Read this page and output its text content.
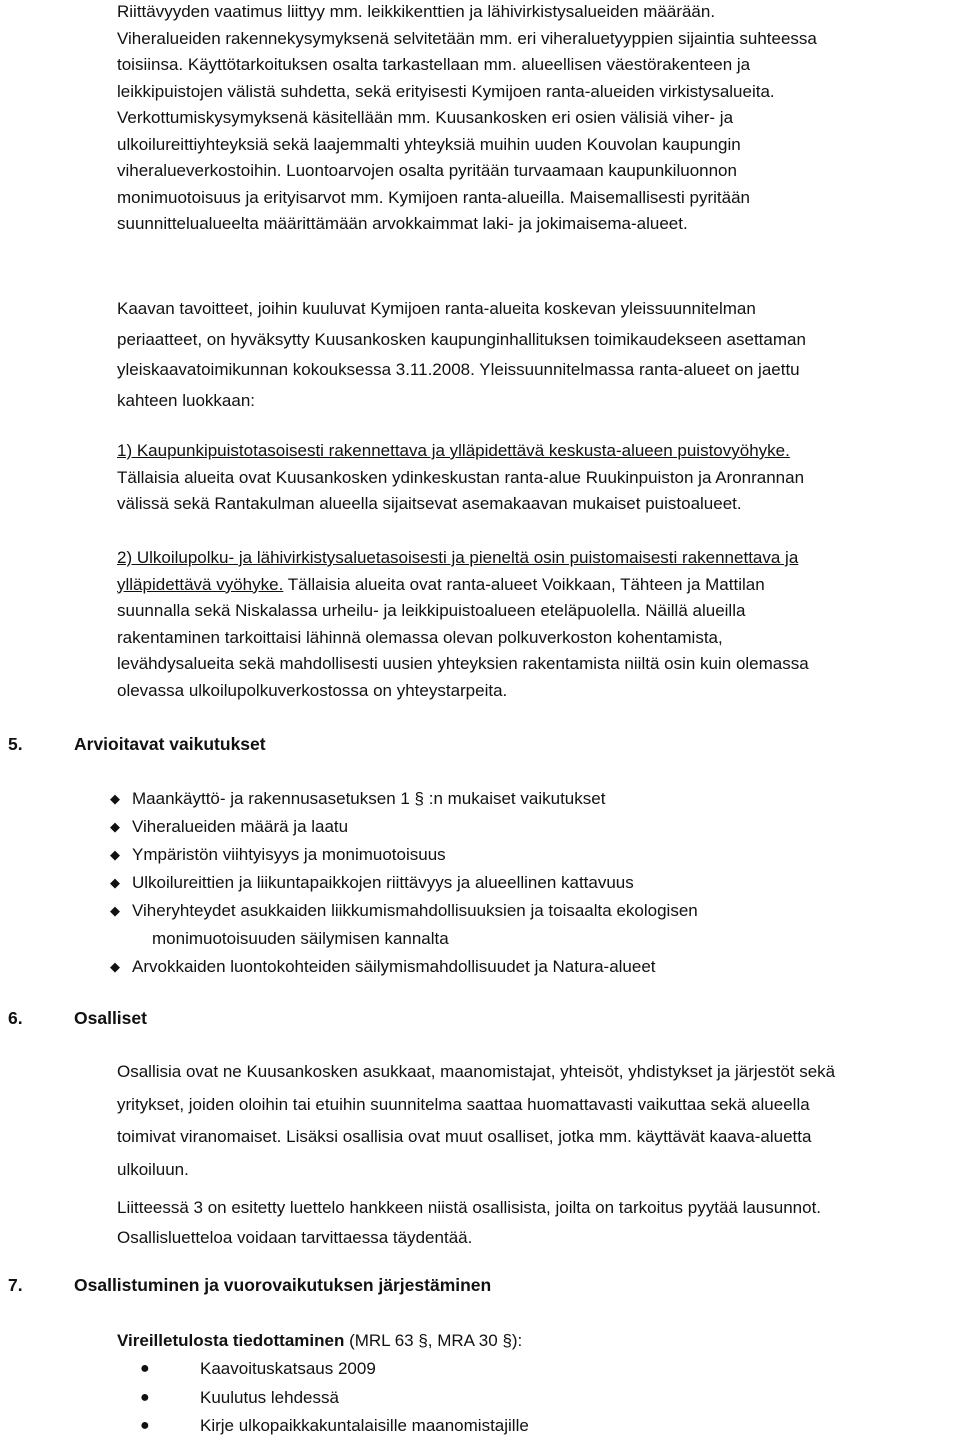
Riittävyyden vaatimus liittyy mm. leikkikenttien ja lähivirkistysalueiden määrään.

Viheralueiden rakennekysymyksenä selvitetään mm. eri viheraluetyyppien sijaintia suhteessa

toisiinsa. Käyttötarkoituksen osalta tarkastellaan mm. alueellisen väestörakenteen ja

leikkipuistojen välistä suhdetta, sekä erityisesti Kymijoen ranta-alueiden virkistysalueita.

Verkottumiskysymyksenä käsitellään mm. Kuusankosken eri osien välisiä viher- ja

ulkoilureittiyhteyksiä sekä laajemmalti yhteyksiä muihin uuden Kouvolan kaupungin

viheralueverkostoihin. Luontoarvojen osalta pyritään turvaamaan kaupunkiluonnon

monimuotoisuus ja erityisarvot mm. Kymijoen ranta-alueilla. Maisemallisesti pyritään

suunnittelualueelta määrittämään arvokkaimmat laki- ja jokimaisema-alueet.

Kaavan tavoitteet, joihin kuuluvat Kymijoen ranta-alueita koskevan yleissuunnitelman

periaatteet, on hyväksytty Kuusankosken kaupunginhallituksen toimikaudekseen asettaman

yleiskaavatoimikunnan kokouksessa 3.11.2008. Yleissuunnitelmassa ranta-alueet on jaettu

kahteen luokkaan:

1) Kaupunkipuistotasoisesti rakennettava ja ylläpidettävä keskusta-alueen puistovyöhyke.

Tällaisia alueita ovat Kuusankosken ydinkeskustan ranta-alue Ruukinpuiston ja Aronrannan

välissä sekä Rantakulman alueella sijaitsevat asemakaavan mukaiset puistoalueet.

2) Ulkoilupolku- ja lähivirkistysaluetasoisesti ja pieneltä osin puistomaisesti rakennettava ja

ylläpidettävä vyöhyke. Tällaisia alueita ovat ranta-alueet Voikkaan, Tähteen ja Mattilan

suunnalla sekä Niskalassa urheilu- ja leikkipuistoalueen eteläpuolella. Näillä alueilla

rakentaminen tarkoittaisi lähinnä olemassa olevan polkuverkoston kohentamista,

levähdysalueita sekä mahdollisesti uusien yhteyksien rakentamista niiltä osin kuin olemassa

olevassa ulkoilupolkuverkostossa on yhteystarpeita.

5.	Arvioitavat vaikutukset
◆ Maankäyttö- ja rakennusasetuksen 1 § :n mukaiset vaikutukset
◆ Viheralueiden määrä ja laatu
◆ Ympäristön viihtyisyys ja monimuotoisuus
◆ Ulkoilureittien ja liikuntapaikkojen riittävyys ja alueellinen kattavuus
◆ Viheryhteydet asukkaiden liikkumismahdollisuuksien ja toisaalta ekologisen
monimuotoisuuden säilymisen kannalta
◆ Arvokkaiden luontokohteiden säilymismahdollisuudet ja Natura-alueet
6.	Osalliset

Osallisia ovat ne Kuusankosken asukkaat, maanomistajat, yhteisöt, yhdistykset ja järjestöt sekä

yritykset, joiden oloihin tai etuihin suunnitelma saattaa huomattavasti vaikuttaa sekä alueella

toimivat viranomaiset. Lisäksi osallisia ovat muut osalliset, jotka mm. käyttävät kaava-aluetta

ulkoiluun.

Liitteessä 3 on esitetty luettelo hankkeen niistä osallisista, joilta on tarkoitus pyytää lausunnot.

Osallisluetteloa voidaan tarvittaessa täydentää.

7.	Osallistuminen ja vuorovaikutuksen järjestäminen

Vireilletulosta tiedottaminen (MRL 63 §, MRA 30 §):

●	Kaavoituskatsaus 2009
●	Kuulutus lehdessä
●	Kirje ulkopaikkakuntalaisille maanomistajille
